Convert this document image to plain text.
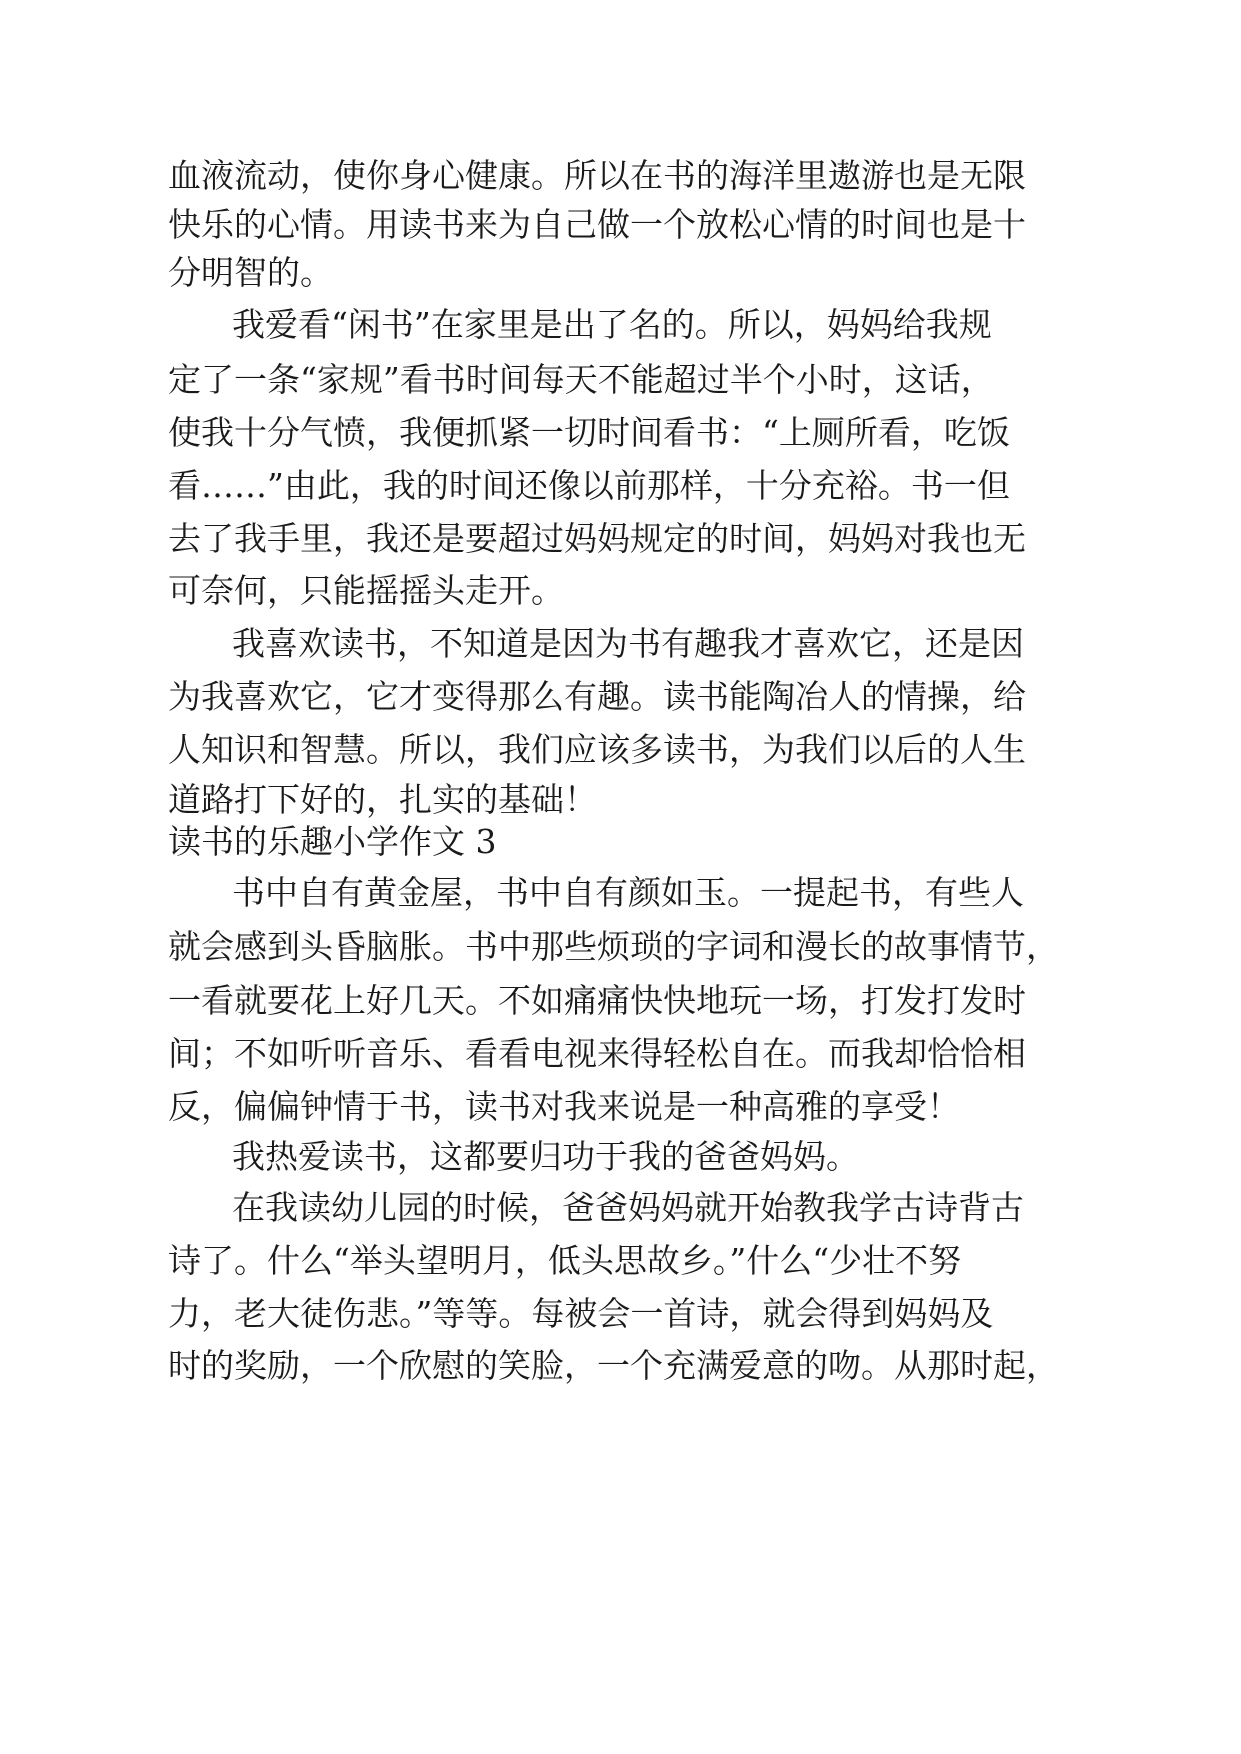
血液流动，使你身心健康。所以在书的海洋里遨游也是无限
快乐的心情。用读书来为自己做一个放松心情的时间也是十
分明智的。
我爱看“闲书”在家里是出了名的。所以，妈妈给我规
定了一条“家规”看书时间每天不能超过半个小时，这话，
使我十分气愤，我便抓紧一切时间看书：“上厕所看，吃饭
看……”由此，我的时间还像以前那样，十分充裕。书一但
去了我手里，我还是要超过妈妈规定的时间，妈妈对我也无
可奈何，只能摇摇头走开。
我喜欢读书，不知道是因为书有趣我才喜欢它，还是因
为我喜欢它，它才变得那么有趣。读书能陶冶人的情操，给
人知识和智慧。所以，我们应该多读书，为我们以后的人生
道路打下好的，扎实的基础！
读书的乐趣小学作文 3
书中自有黄金屋，书中自有颜如玉。一提起书，有些人
就会感到头昏脑胀。书中那些烦琐的字词和漫长的故事情节，
一看就要花上好几天。不如痛痛快快地玩一场，打发打发时
间；不如听听音乐、看看电视来得轻松自在。而我却恰恰相
反，偏偏钟情于书，读书对我来说是一种高雅的享受！
我热爱读书，这都要归功于我的爸爸妈妈。
在我读幼儿园的时候，爸爸妈妈就开始教我学古诗背古
诗了。什么“举头望明月，低头思故乡。”什么“少壮不努
力，老大徒伤悲。”等等。每被会一首诗，就会得到妈妈及
时的奖励，一个欣慰的笑脸，一个充满爱意的吻。从那时起，
